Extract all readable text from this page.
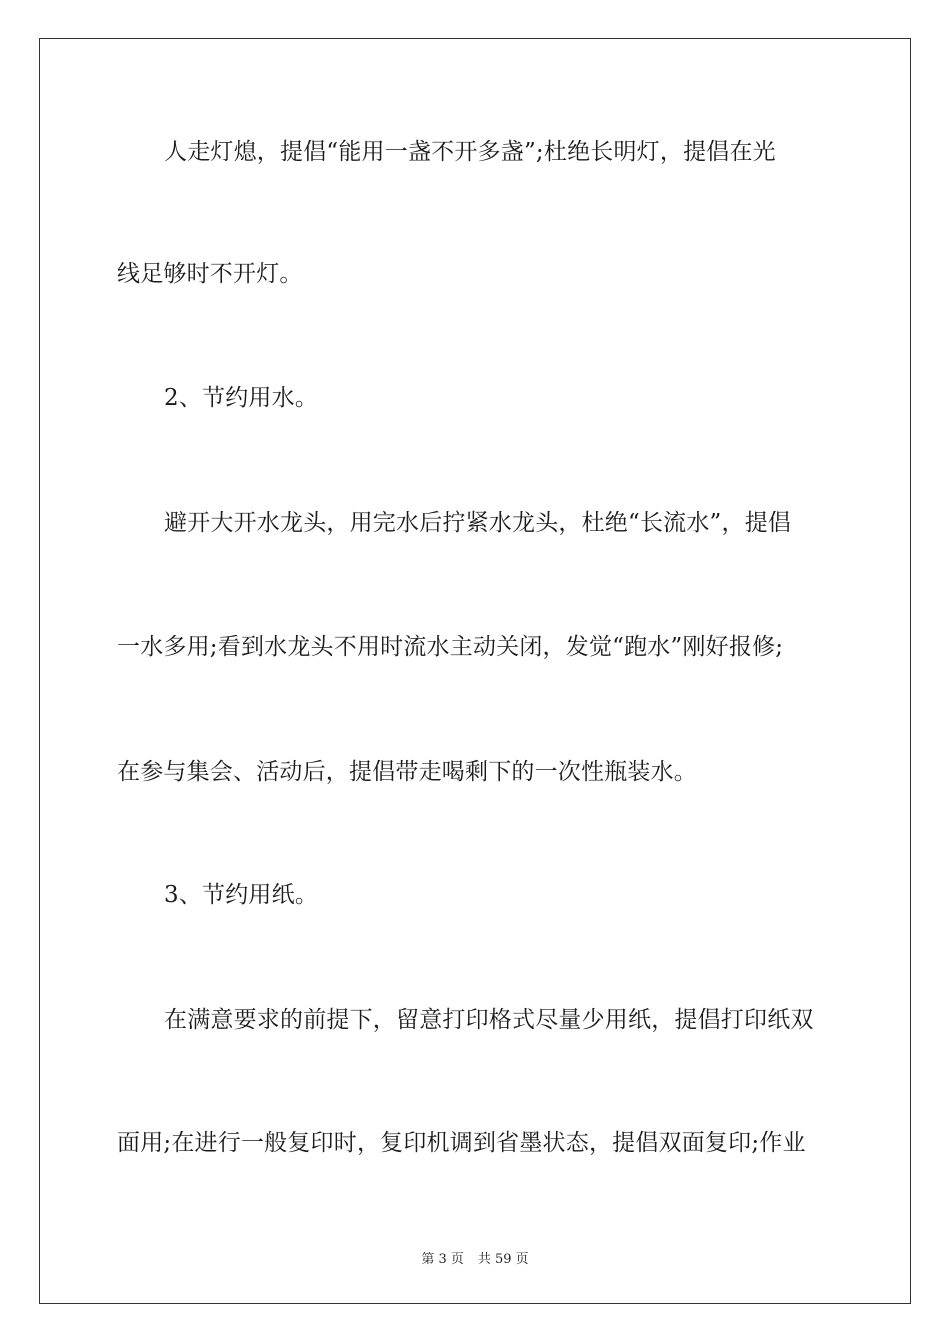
人走灯熄，提倡“能用一盏不开多盏”;杜绝长明灯，提倡在光
线足够时不开灯。
2、节约用水。
避开大开水龙头，用完水后拧紧水龙头，杜绝“长流水”，提倡
一水多用;看到水龙头不用时流水主动关闭，发觉“跑水”刚好报修;
在参与集会、活动后，提倡带走喝剩下的一次性瓶装水。
3、节约用纸。
在满意要求的前提下，留意打印格式尽量少用纸，提倡打印纸双
面用;在进行一般复印时，复印机调到省墨状态，提倡双面复印;作业
第 3 页 共 59 页
